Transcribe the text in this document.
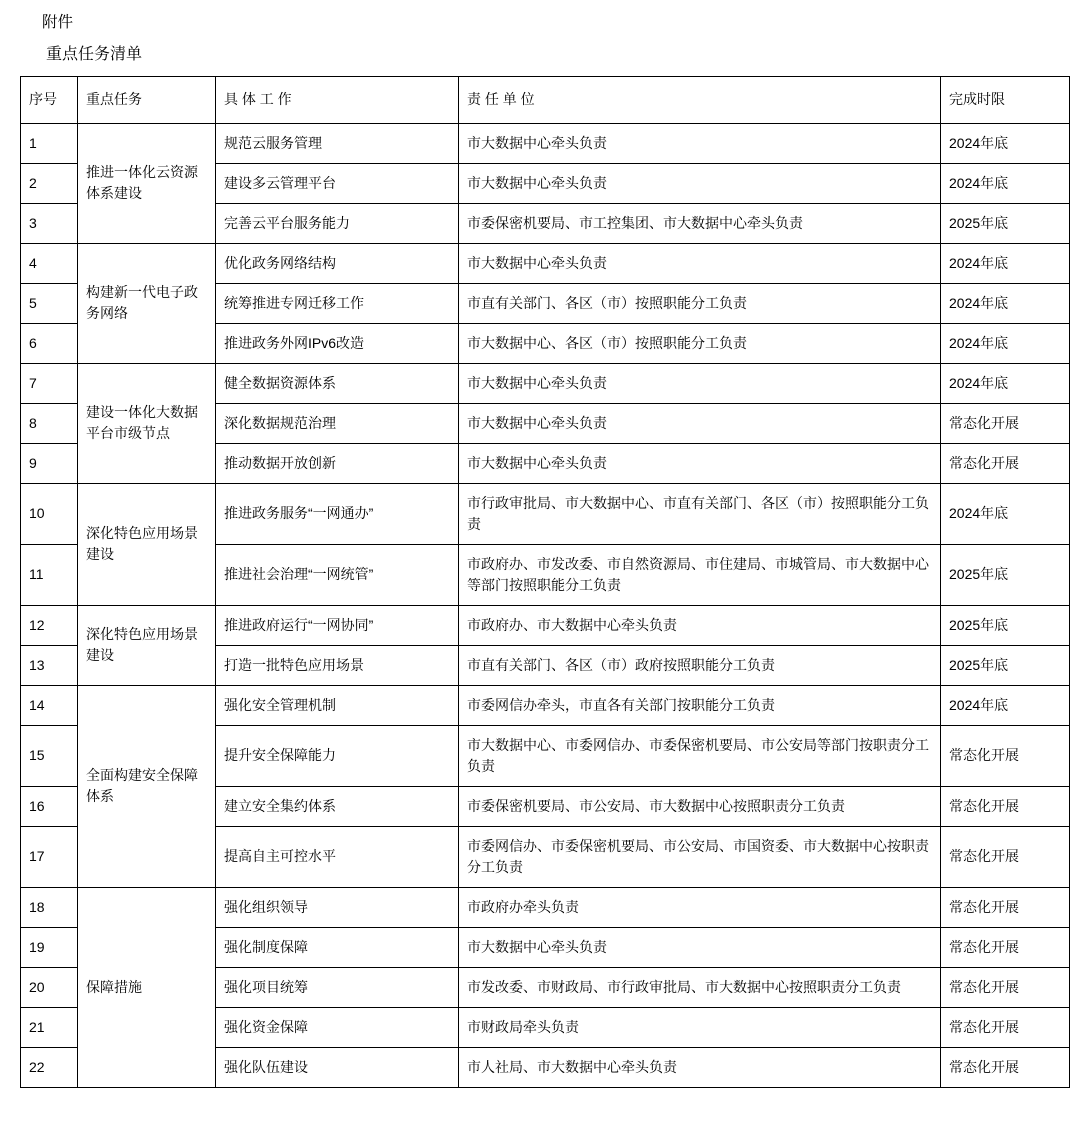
附件
重点任务清单
序号	重点任务	具 体 工 作	责 任 单 位	完成时限
1	推进一体化云资源体系建设	规范云服务管理	市大数据中心牵头负责	2024年底
2		建设多云管理平台	市大数据中心牵头负责	2024年底
3		完善云平台服务能力	市委保密机要局、市工控集团、市大数据中心牵头负责	2025年底
4	构建新一代电子政务网络	优化政务网络结构	市大数据中心牵头负责	2024年底
5		统筹推进专网迁移工作	市直有关部门、各区（市）按照职能分工负责	2024年底
6		推进政务外网IPv6改造	市大数据中心、各区（市）按照职能分工负责	2024年底
7	建设一体化大数据平台市级节点	健全数据资源体系	市大数据中心牵头负责	2024年底
8		深化数据规范治理	市大数据中心牵头负责	常态化开展
9		推动数据开放创新	市大数据中心牵头负责	常态化开展
10	深化特色应用场景建设	推进政务服务“一网通办”	市行政审批局、市大数据中心、市直有关部门、各区（市）按照职能分工负责	2024年底
11		推进社会治理“一网统管”	市政府办、市发改委、市自然资源局、市住建局、市城管局、市大数据中心等部门按照职能分工负责	2025年底
12	深化特色应用场景建设	推进政府运行“一网协同”	市政府办、市大数据中心牵头负责	2025年底
13		打造一批特色应用场景	市直有关部门、各区（市）政府按照职能分工负责	2025年底
14	全面构建安全保障体系	强化安全管理机制	市委网信办牵头，市直各有关部门按职能分工负责	2024年底
15		提升安全保障能力	市大数据中心、市委网信办、市委保密机要局、市公安局等部门按职责分工负责	常态化开展
16		建立安全集约体系	市委保密机要局、市公安局、市大数据中心按照职责分工负责	常态化开展
17		提高自主可控水平	市委网信办、市委保密机要局、市公安局、市国资委、市大数据中心按职责分工负责	常态化开展
18	保障措施	强化组织领导	市政府办牵头负责	常态化开展
19		强化制度保障	市大数据中心牵头负责	常态化开展
20		强化项目统筹	市发改委、市财政局、市行政审批局、市大数据中心按照职责分工负责	常态化开展
21		强化资金保障	市财政局牵头负责	常态化开展
22		强化队伍建设	市人社局、市大数据中心牵头负责	常态化开展
